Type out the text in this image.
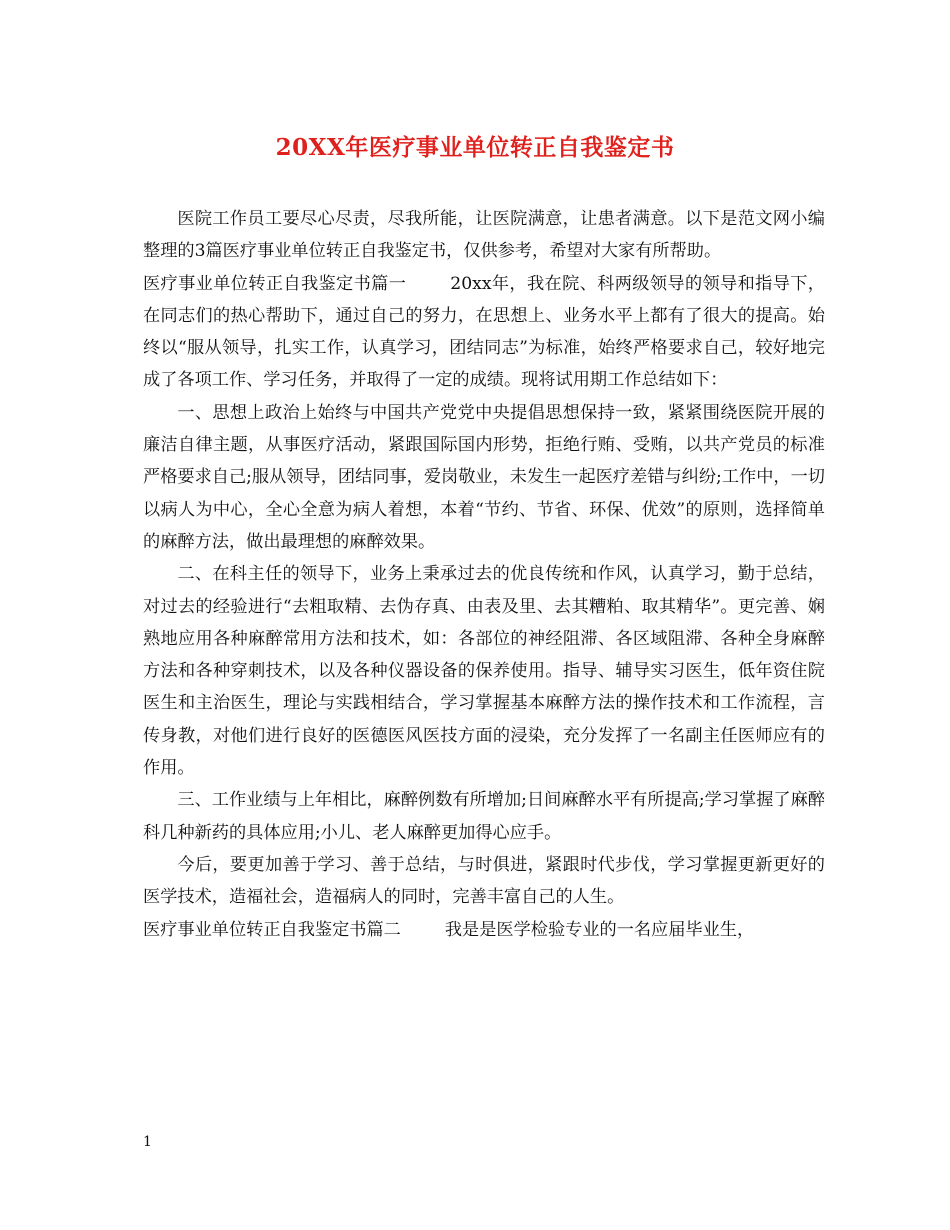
20XX年医疗事业单位转正自我鉴定书

医院工作员工要尽心尽责，尽我所能，让医院满意，让患者满意。以下是范文网小编整理的3篇医疗事业单位转正自我鉴定书，仅供参考，希望对大家有所帮助。

医疗事业单位转正自我鉴定书篇一	20xx年，我在院、科两级领导的领导和指导下，在同志们的热心帮助下，通过自己的努力，在思想上、业务水平上都有了很大的提高。始终以“服从领导，扎实工作，认真学习，团结同志”为标准，始终严格要求自己，较好地完成了各项工作、学习任务，并取得了一定的成绩。现将试用期工作总结如下：

一、思想上政治上始终与中国共产党党中央提倡思想保持一致，紧紧围绕医院开展的廉洁自律主题，从事医疗活动，紧跟国际国内形势，拒绝行贿、受贿，以共产党员的标准严格要求自己;服从领导，团结同事，爱岗敬业，未发生一起医疗差错与纠纷;工作中，一切以病人为中心，全心全意为病人着想，本着“节约、节省、环保、优效”的原则，选择简单的麻醉方法，做出最理想的麻醉效果。

二、在科主任的领导下，业务上秉承过去的优良传统和作风，认真学习，勤于总结，对过去的经验进行“去粗取精、去伪存真、由表及里、去其糟粕、取其精华”。更完善、娴熟地应用各种麻醉常用方法和技术，如：各部位的神经阻滞、各区域阻滞、各种全身麻醉方法和各种穿刺技术，以及各种仪器设备的保养使用。指导、辅导实习医生，低年资住院医生和主治医生，理论与实践相结合，学习掌握基本麻醉方法的操作技术和工作流程，言传身教，对他们进行良好的医德医风医技方面的浸染，充分发挥了一名副主任医师应有的作用。

三、工作业绩与上年相比，麻醉例数有所增加;日间麻醉水平有所提高;学习掌握了麻醉科几种新药的具体应用;小儿、老人麻醉更加得心应手。

今后，要更加善于学习、善于总结，与时俱进，紧跟时代步伐，学习掌握更新更好的医学技术，造福社会，造福病人的同时，完善丰富自己的人生。

医疗事业单位转正自我鉴定书篇二	我是是医学检验专业的一名应届毕业生，

1
